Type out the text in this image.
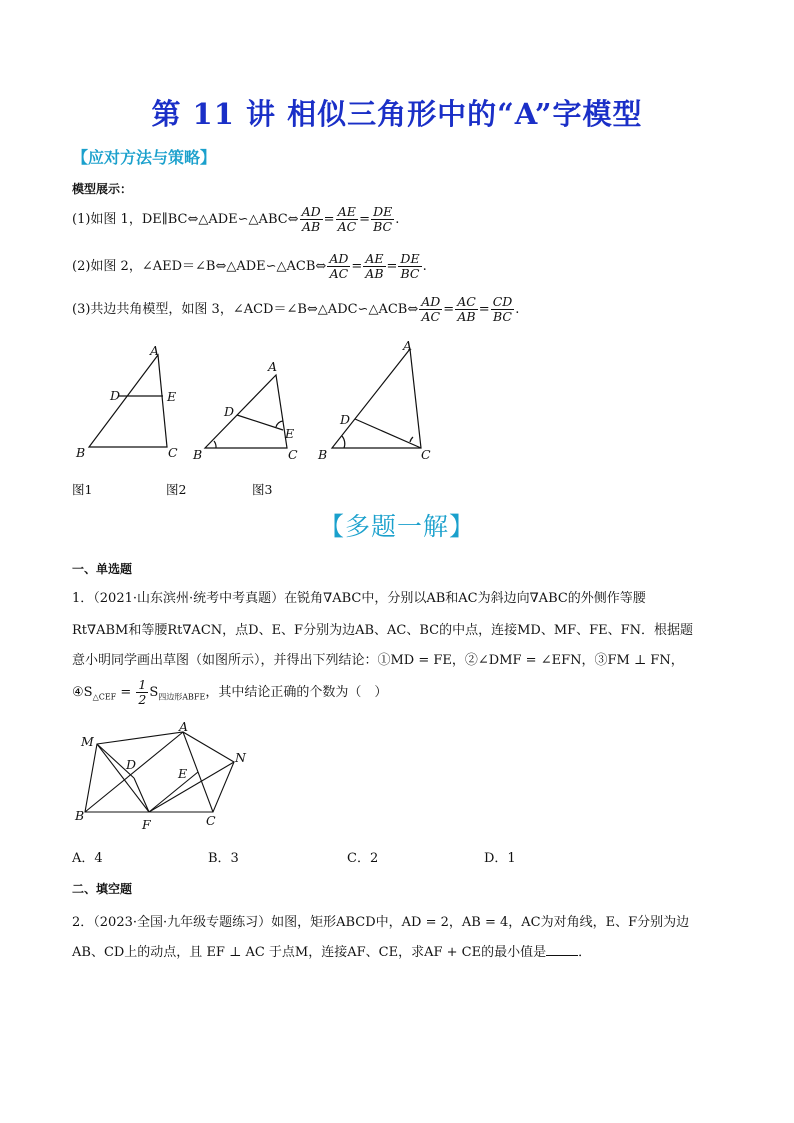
第 11 讲 相似三角形中的“A”字模型
【应对方法与策略】
模型展示：
(1)如图 1，DE∥BC⇔△ADE∽△ABC⇔ $\frac{AD}{AB} = \frac{AE}{AC} = \frac{DE}{BC}$ .
(2)如图 2，∠AED＝∠B⇔△ADE∽△ACB⇔ $\frac{AD}{AC} = \frac{AE}{AB} = \frac{DE}{BC}$ .
(3)共边共角模型，如图 3，∠ACD＝∠B⇔△ADC∽△ACB⇔ $\frac{AD}{AC} = \frac{AC}{AB} = \frac{CD}{BC}$ .
A
D	E
B	C
A
D
E
B	C
A
D
B	C
图1	图2	图3
【多题一解】
一、单选题
1．（2021·山东滨州·统考中考真题）在锐角∇ABC中，分别以AB和AC为斜边向∇ABC的外侧作等腰
Rt∇ABM和等腰Rt∇ACN，点D、E、F分别为边AB、AC、BC的中点，连接MD、MF、FE、FN．根据题
意小明同学画出草图（如图所示），并得出下列结论：①MD = FE，②∠DMF = ∠EFN，③FM ⊥ FN，
$④S_{\triangle CEF} = \frac{1}{2} S_{四边形ABFE}$，其中结论正确的个数为（　）
M
A
D
E
N
B
F	C
A．4	B．3	C．2	D．1
二、填空题
2．（2023·全国·九年级专题练习）如图，矩形ABCD中，AD = 2，AB = 4，AC为对角线，E、F分别为边
AB、CD上的动点，且 EF ⊥ AC 于点M，连接AF、CE，求AF + CE的最小值是 ．
